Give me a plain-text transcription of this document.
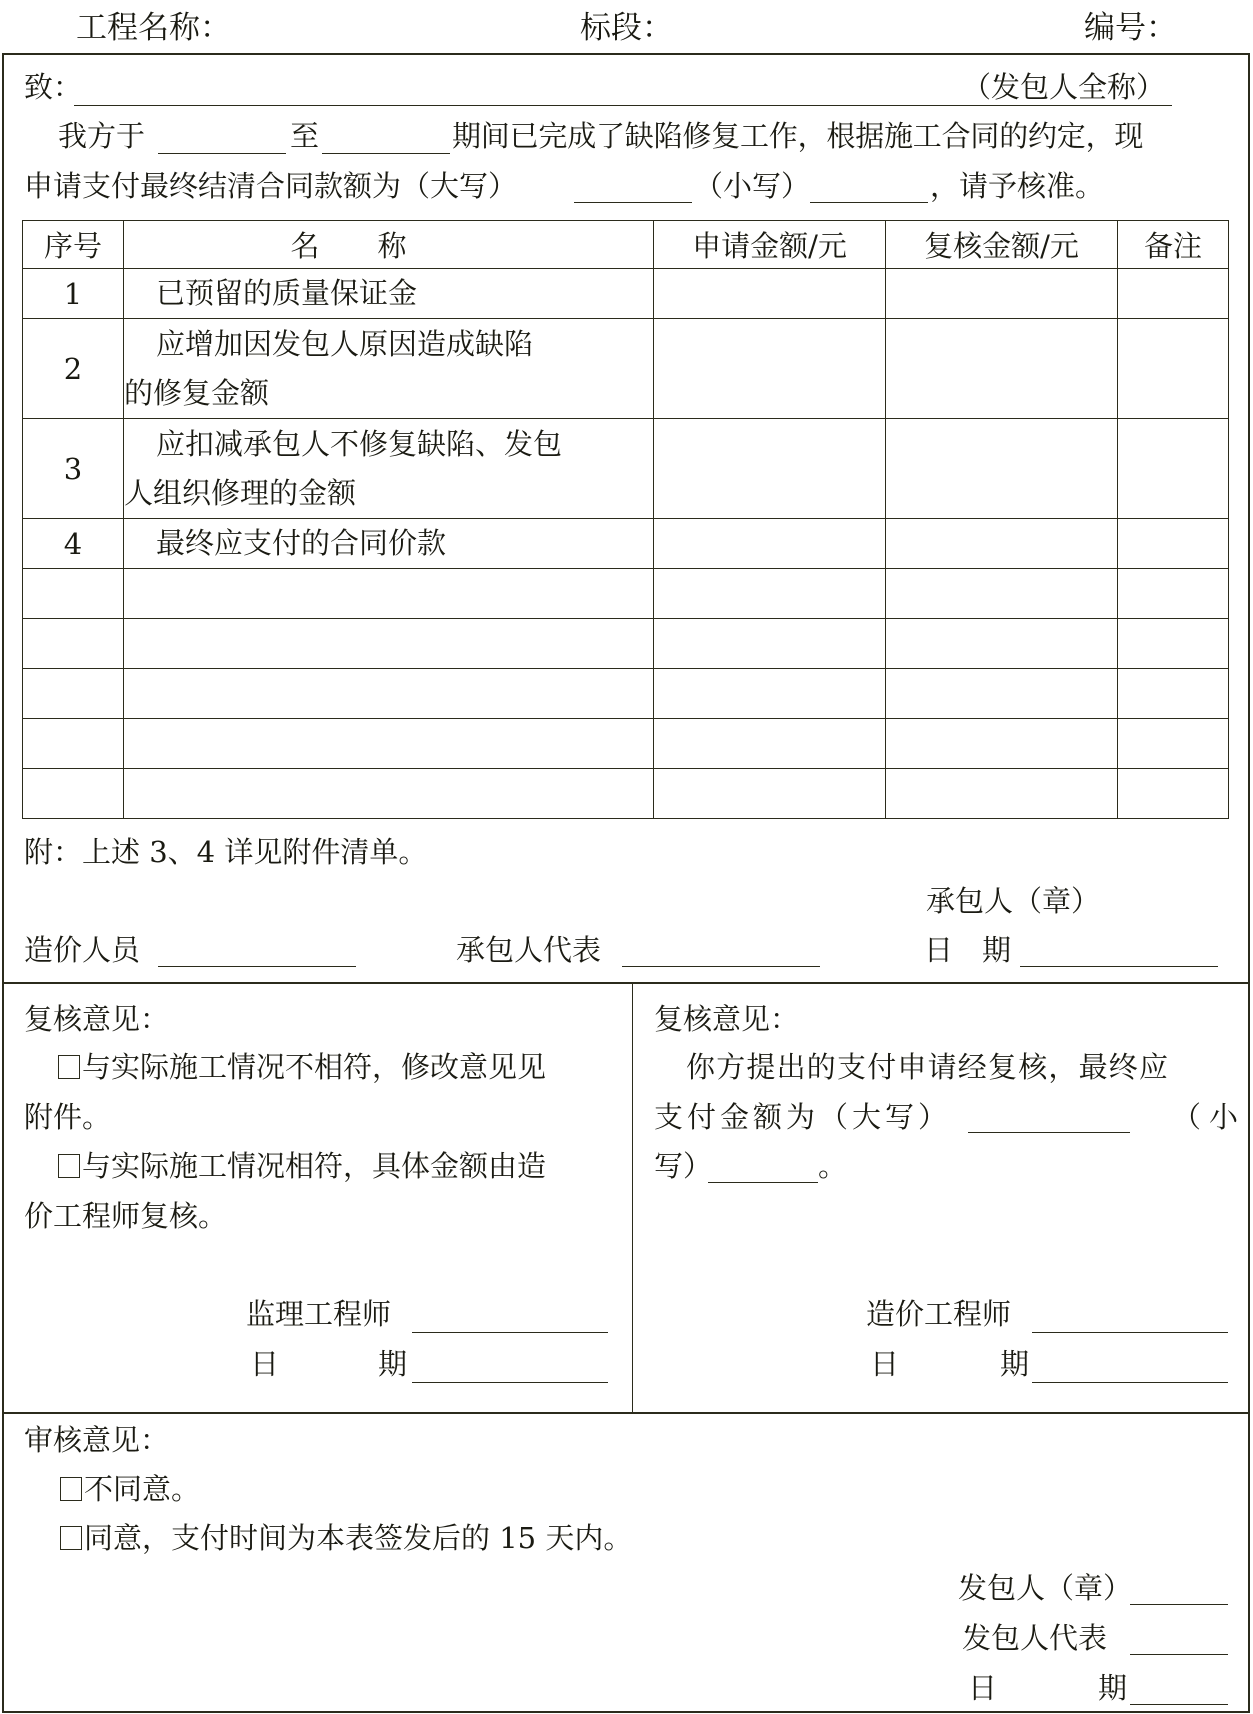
工程名称：	标段：	编号：
致：	（发包人全称）
我方于	至	期间已完成了缺陷修复工作，根据施工合同的约定，现
申请支付最终结清合同款额为（大写）	（小写）	，请予核准。
序号	名　　称	申请金额/元	复核金额/元	备注
1	已预留的质量保证金			
2	应增加因发包人原因造成缺陷
的修复金额			
3	应扣减承包人不修复缺陷、发包
人组织修理的金额			
4	最终应支付的合同价款			

附：上述 3、4 详见附件清单。
承包人（章）
造价人员	承包人代表	日　期
复核意见：
与实际施工情况不相符，修改意见见
附件。
与实际施工情况相符，具体金额由造
价工程师复核。
监理工程师
日	期
复核意见：
你方提出的支付申请经复核，最终应
支付金额为（大写）	（小
写）	。
造价工程师
日	期
审核意见：
不同意。
同意，支付时间为本表签发后的 15 天内。
发包人（章）
发包人代表
日	期
